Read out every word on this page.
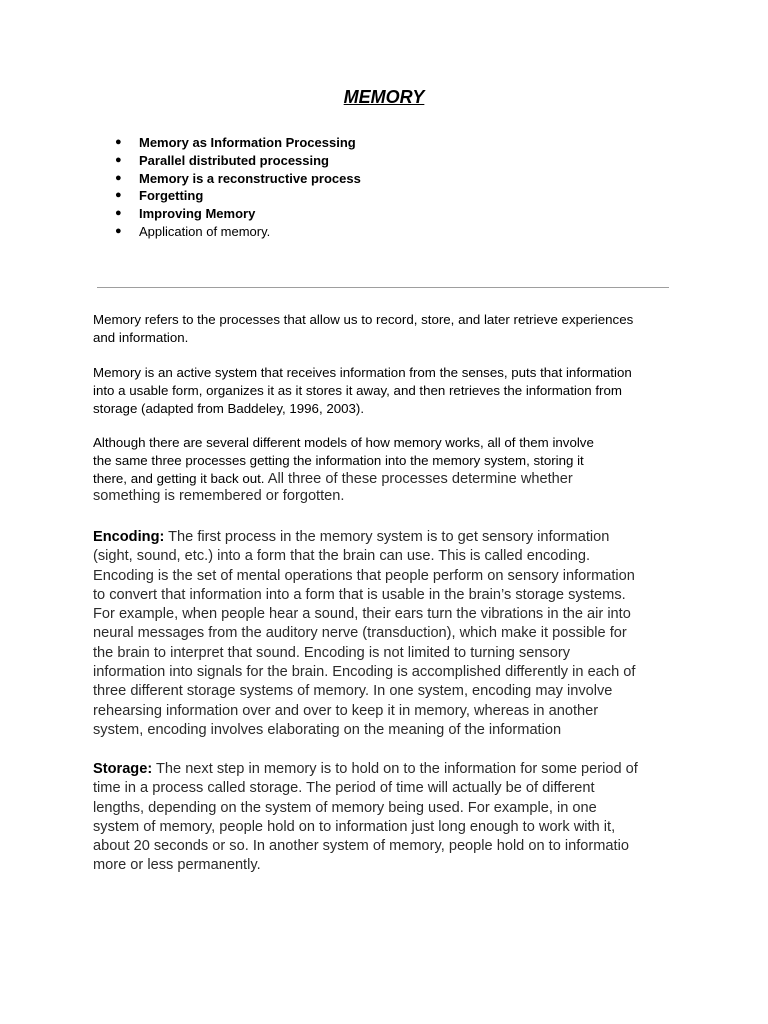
MEMORY
● Memory as Information Processing
● Parallel distributed processing
● Memory is a reconstructive process
● Forgetting
● Improving Memory
● Application of memory.

Memory refers to the processes that allow us to record, store, and later retrieve experiences
and information.

Memory is an active system that receives information from the senses, puts that information
into a usable form, organizes it as it stores it away, and then retrieves the information from
storage (adapted from Baddeley, 1996, 2003).

Although there are several different models of how memory works, all of them involve
the same three processes getting the information into the memory system, storing it
there, and getting it back out. All three of these processes determine whether
something is remembered or forgotten.

Encoding: The first process in the memory system is to get sensory information
(sight, sound, etc.) into a form that the brain can use. This is called encoding.
Encoding is the set of mental operations that people perform on sensory information
to convert that information into a form that is usable in the brain’s storage systems.
For example, when people hear a sound, their ears turn the vibrations in the air into
neural messages from the auditory nerve (transduction), which make it possible for
the brain to interpret that sound. Encoding is not limited to turning sensory
information into signals for the brain. Encoding is accomplished differently in each of
three different storage systems of memory. In one system, encoding may involve
rehearsing information over and over to keep it in memory, whereas in another
system, encoding involves elaborating on the meaning of the information

Storage: The next step in memory is to hold on to the information for some period of
time in a process called storage. The period of time will actually be of different
lengths, depending on the system of memory being used. For example, in one
system of memory, people hold on to information just long enough to work with it,
about 20 seconds or so. In another system of memory, people hold on to informatio
more or less permanently.
